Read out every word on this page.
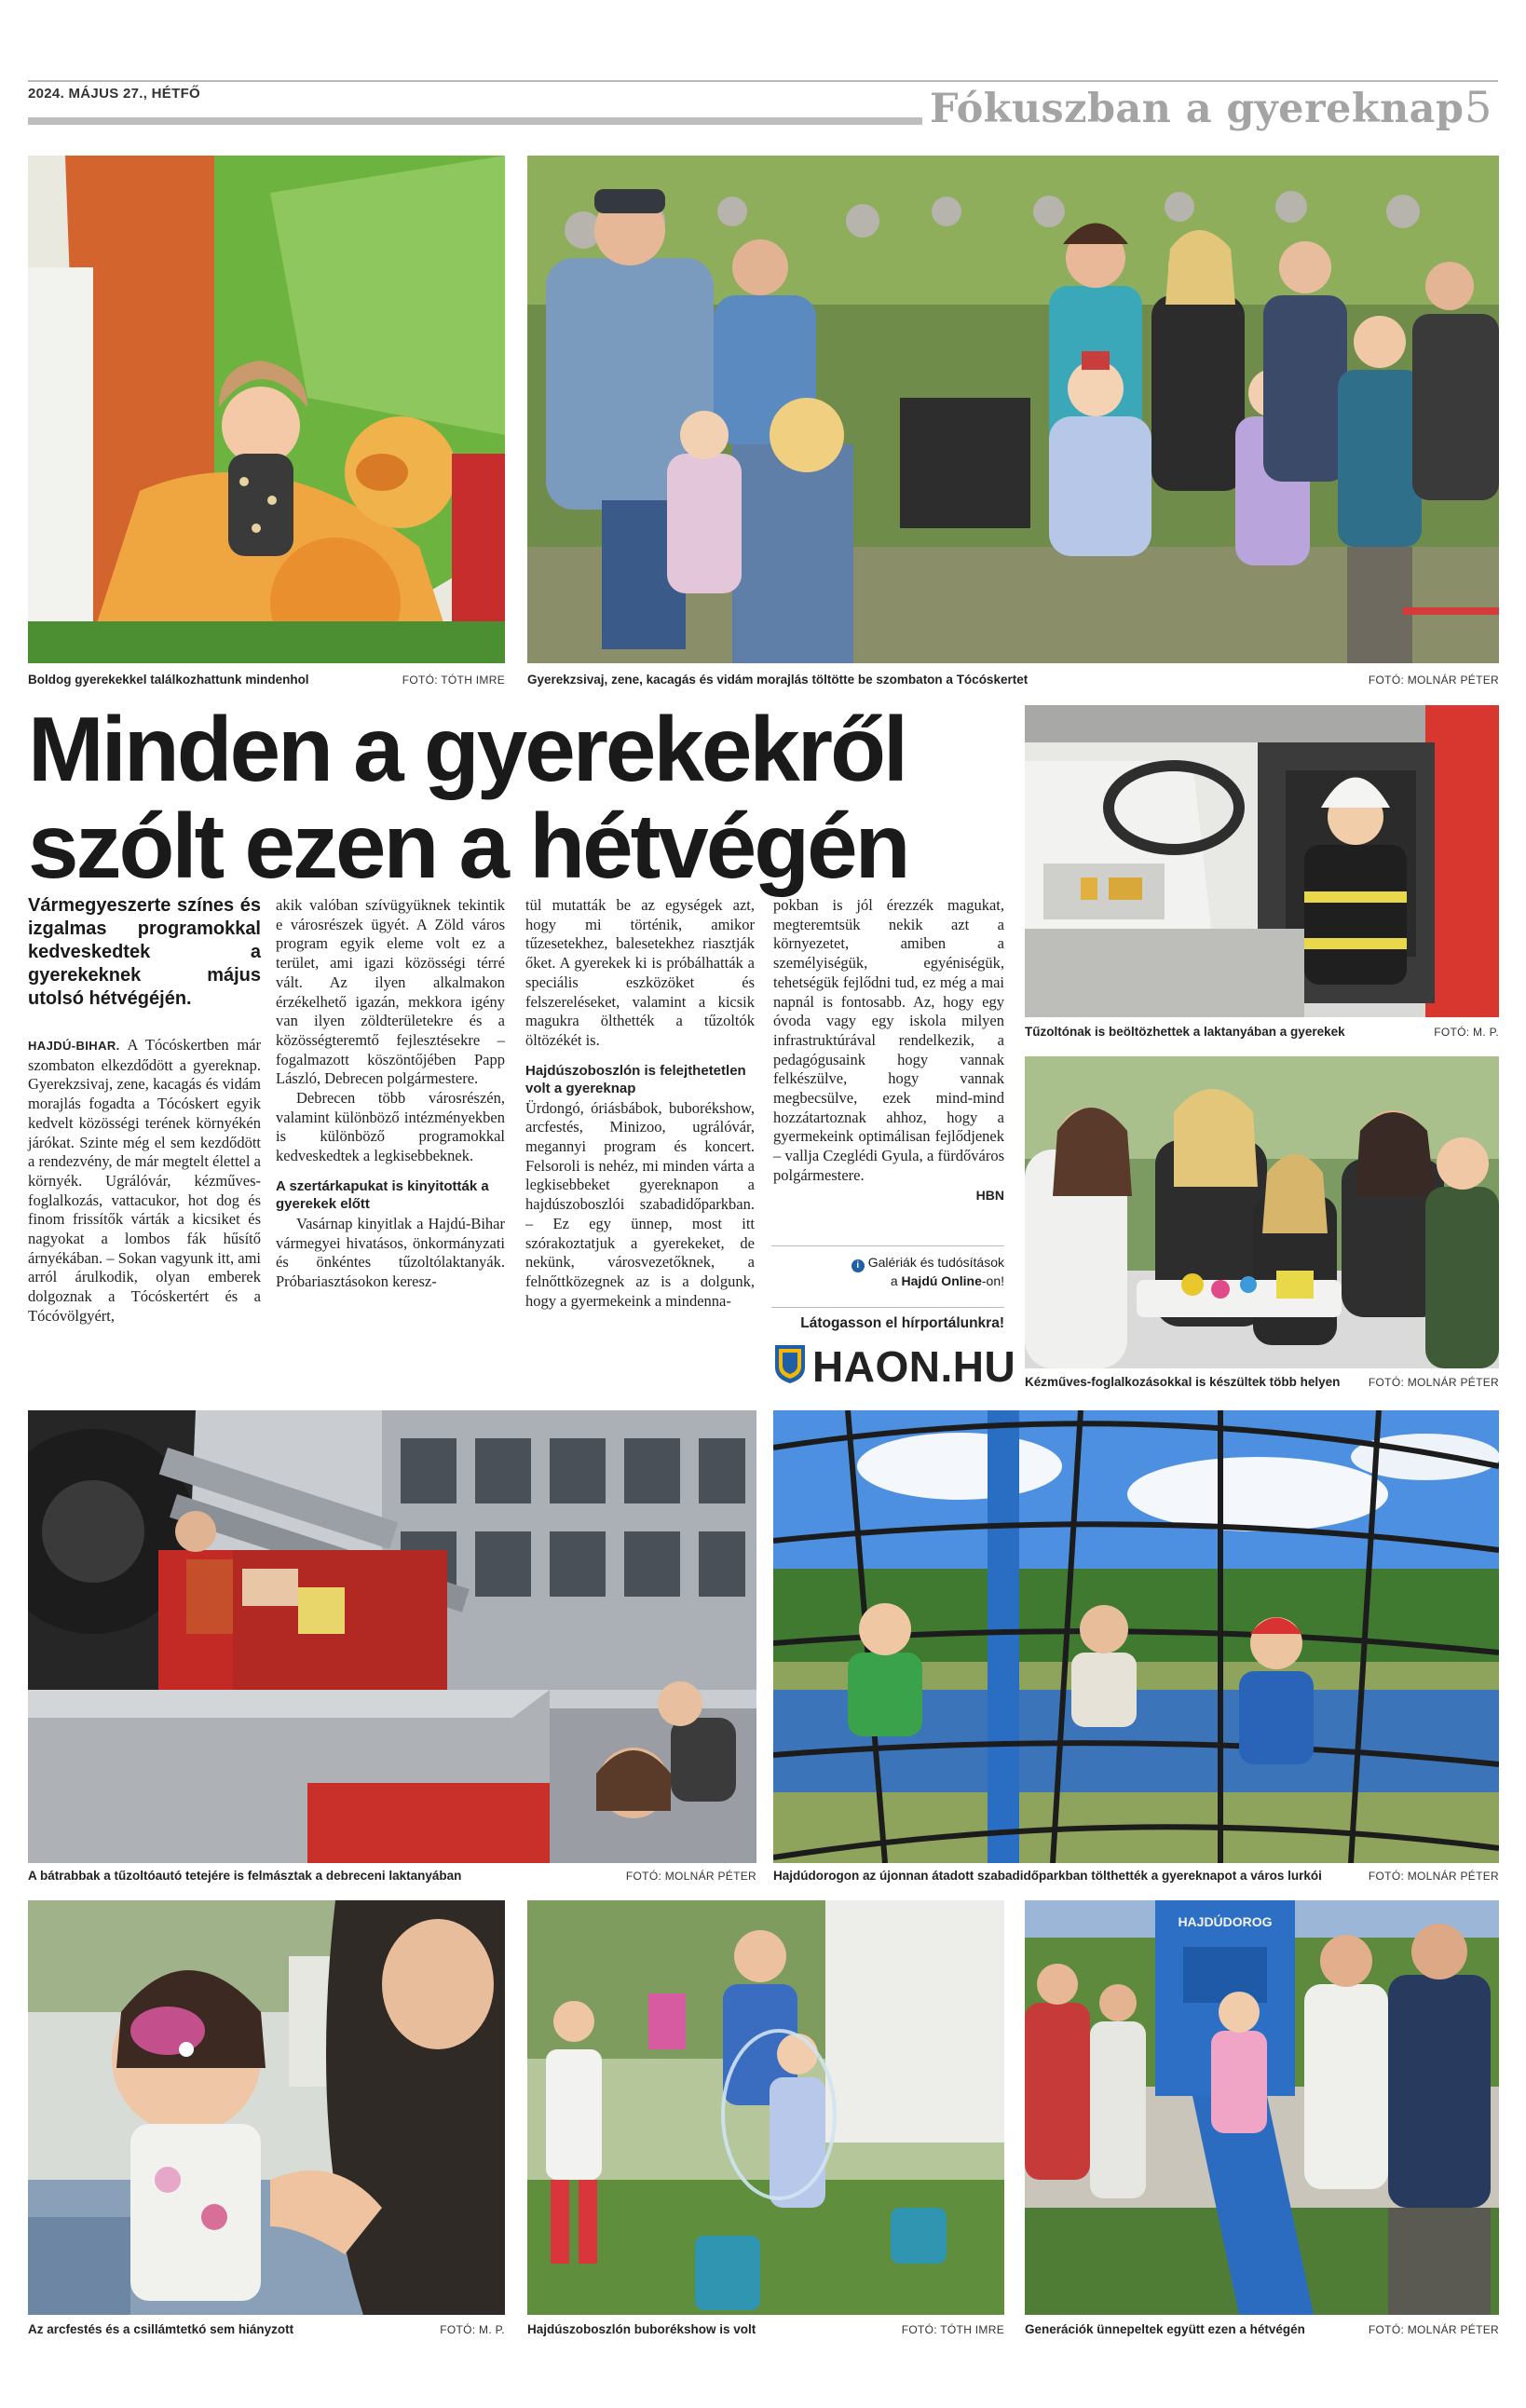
2024. MÁJUS 27., HÉTFŐ	Fókuszban a gyereknap 5
Boldog gyerekekkel találkozhattunk mindenhol	FOTÓ: TÓTH IMRE Gyerekzsivaj, zene, kacagás és vidám morajlás töltötte be szombaton a Tócóskertet	FOTÓ: MOLNÁR PÉTER
Minden a gyerekekről
szólt ezen a hétvégén
Tűzoltónak is beöltözhettek a laktanyában a gyerekek	FOTÓ: M. P.
Kézműves-foglalkozásokkal is készültek több helyen	FOTÓ: MOLNÁR PÉTER
Vármegyeszerte színes és izgalmas programokkal kedveskedtek a gyerekeknek május utolsó hétvégéjén.
HAJDÚ-BIHAR. A Tócóskertben már szombaton elkezdődött a gyereknap. Gyerekzsivaj, zene, kacagás és vidám morajlás fogadta a Tócóskert egyik kedvelt közösségi terének környékén járókat. Szinte még el sem kezdődött a rendezvény, de már megtelt élettel a környék. Ugrálóvár, kézműves-foglalkozás, vattacukor, hot dog és finom frissítők várták a kicsiket és nagyokat a lombos fák hűsítő árnyékában. – Sokan vagyunk itt, ami arról árulkodik, olyan emberek dolgoznak a Tócóskertért és a Tócóvölgyért,
akik valóban szívügyüknek tekintik e városrészek ügyét. A Zöld város program egyik eleme volt ez a terület, ami igazi közösségi térré vált. Az ilyen alkalmakon érzékelhető igazán, mekkora igény van ilyen zöldterületekre és a közösségteremtő fejlesztésekre – fogalmazott köszöntőjében Papp László, Debrecen polgármestere.
Debrecen több városrészén, valamint különböző intézményekben is különböző programokkal kedveskedtek a legkisebbeknek.
A szertárkapukat is kinyitották a gyerekek előtt
Vasárnap kinyitlak a Hajdú-Bihar vármegyei hivatásos, önkormányzati és önkéntes tűzoltólaktanyák. Próbariasztásokon keresz-
tül mutatták be az egységek azt, hogy mi történik, amikor tűzesetekhez, balesetekhez riasztják őket. A gyerekek ki is próbálhatták a speciális eszközöket és felszereléseket, valamint a kicsik magukra ölthették a tűzoltók öltözékét is.
Hajdúszoboszlón is felejthetetlen volt a gyereknap
Ürdongó, óriásbábok, buborékshow, arcfestés, Minizoo, ugrálóvár, megannyi program és koncert. Felsoroli is nehéz, mi minden várta a legkisebbeket gyereknapon a hajdúszoboszlói szabadidőparkban. – Ez egy ünnep, most itt szórakoztatjuk a gyerekeket, de nekünk, városvezetőknek, a felnőttközegnek az is a dolgunk, hogy a gyermekeink a mindenna-
pokban is jól érezzék magukat, megteremtsük nekik azt a környezetet, amiben a személyiségük, egyéniségük, tehetségük fejlődni tud, ez még a mai napnál is fontosabb. Az, hogy egy óvoda vagy egy iskola milyen infrastruktúrával rendelkezik, a pedagógusaink hogy vannak felkészülve, hogy vannak megbecsülve, ezek mind-mind hozzátartoznak ahhoz, hogy a gyermekeink optimálisan fejlődjenek – vallja Czeglédi Gyula, a fürdőváros polgármestere.
HBN
i Galériák és tudósítások
a Hajdú Online-on!
Látogasson el hírportálunkra!
HAON.HU
A bátrabbak a tűzoltóautó tetejére is felmásztak a debreceni laktanyában	FOTÓ: MOLNÁR PÉTER Hajdúdorogon az újonnan átadott szabadidőparkban tölthették a gyereknapot a város lurkói	FOTÓ: MOLNÁR PÉTER
Az arcfestés és a csillámtetkó sem hiányzott	FOTÓ: M. P. Hajdúszoboszlón buborékshow is volt	FOTÓ: TÓTH IMRE
HAJDÚDOROG
Generációk ünnepeltek együtt ezen a hétvégén	FOTÓ: MOLNÁR PÉTER
